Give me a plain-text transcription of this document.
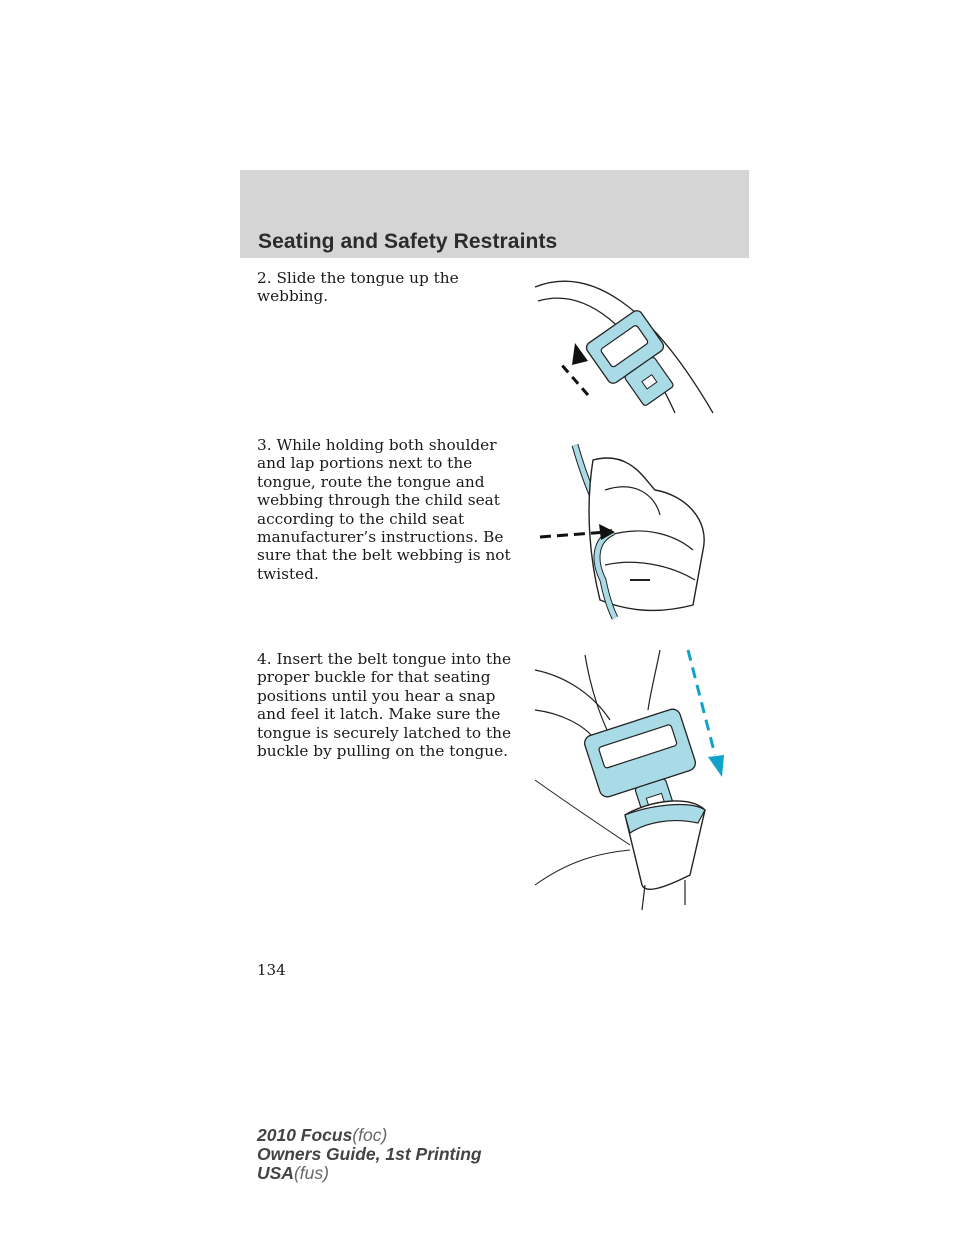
Seating and Safety Restraints

2. Slide the tongue up the webbing.

3. While holding both shoulder and lap portions next to the tongue, route the tongue and webbing through the child seat according to the child seat manufacturer’s instructions. Be sure that the belt webbing is not twisted.

4. Insert the belt tongue into the proper buckle for that seating positions until you hear a snap and feel it latch. Make sure the tongue is securely latched to the buckle by pulling on the tongue.

134
2010 Focus(foc)
Owners Guide, 1st Printing
USA(fus)
